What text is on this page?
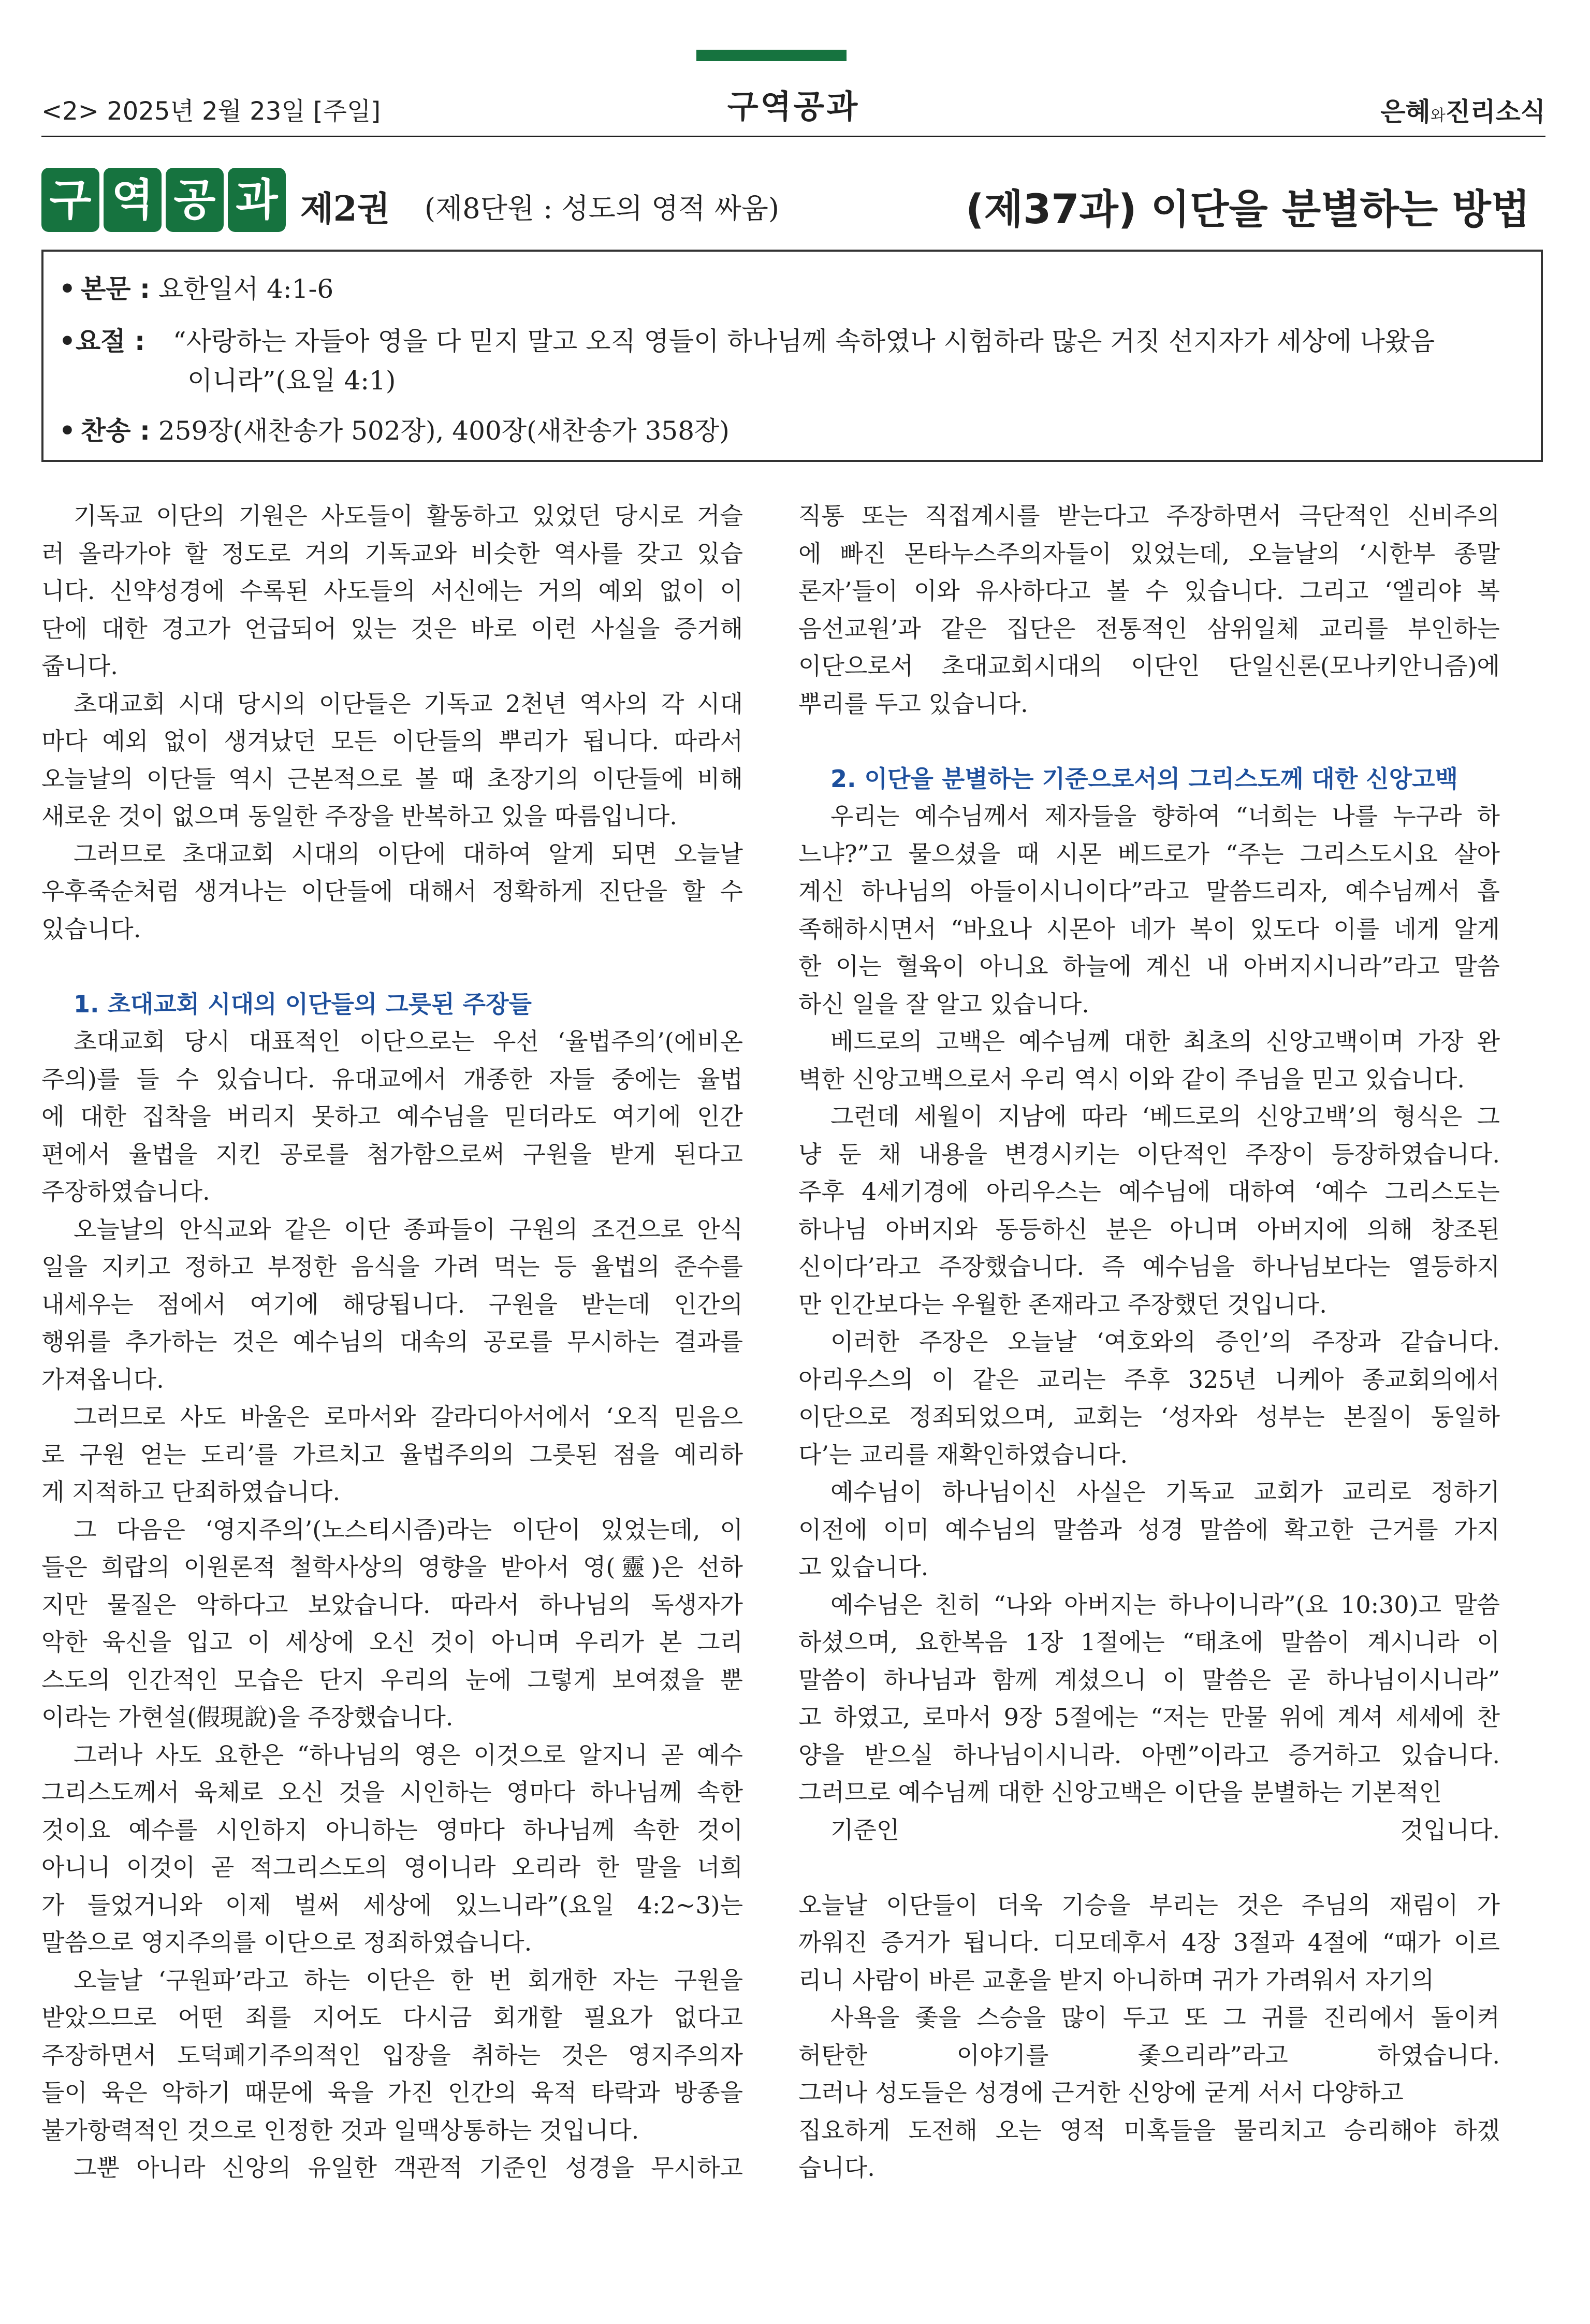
<2> 2025년 2월 23일 [주일]	구역공과	은혜와진리소식
구 역 공 과 제2권 (제8단원 : 성도의 영적 싸움)	(제37과) 이단을 분별하는 방법
• 본문 : 요한일서 4:1-6
•요절 :	“사랑하는 자들아 영을 다 믿지 말고 오직 영들이 하나님께 속하였나 시험하라 많은 거짓 선지자가 세상에 나왔음
이니라”(요일 4:1)
• 찬송 : 259장(새찬송가 502장), 400장(새찬송가 358장)
기독교 이단의 기원은 사도들이 활동하고 있었던 당시로 거슬
러 올라가야 할 정도로 거의 기독교와 비슷한 역사를 갖고 있습
니다. 신약성경에 수록된 사도들의 서신에는 거의 예외 없이 이
단에 대한 경고가 언급되어 있는 것은 바로 이런 사실을 증거해
줍니다.
초대교회 시대 당시의 이단들은 기독교 2천년 역사의 각 시대
마다 예외 없이 생겨났던 모든 이단들의 뿌리가 됩니다. 따라서
오늘날의 이단들 역시 근본적으로 볼 때 초장기의 이단들에 비해
새로운 것이 없으며 동일한 주장을 반복하고 있을 따름입니다.
그러므로 초대교회 시대의 이단에 대하여 알게 되면 오늘날
우후죽순처럼 생겨나는 이단들에 대해서 정확하게 진단을 할 수
있습니다.
1. 초대교회 시대의 이단들의 그릇된 주장들
초대교회 당시 대표적인 이단으로는 우선 ‘율법주의’(에비온
주의)를 들 수 있습니다. 유대교에서 개종한 자들 중에는 율법
에 대한 집착을 버리지 못하고 예수님을 믿더라도 여기에 인간
편에서 율법을 지킨 공로를 첨가함으로써 구원을 받게 된다고
주장하였습니다.
오늘날의 안식교와 같은 이단 종파들이 구원의 조건으로 안식
일을 지키고 정하고 부정한 음식을 가려 먹는 등 율법의 준수를
내세우는 점에서 여기에 해당됩니다. 구원을 받는데 인간의
행위를 추가하는 것은 예수님의 대속의 공로를 무시하는 결과를
가져옵니다.
그러므로 사도 바울은 로마서와 갈라디아서에서 ‘오직 믿음으
로 구원 얻는 도리’를 가르치고 율법주의의 그릇된 점을 예리하
게 지적하고 단죄하였습니다.
그 다음은 ‘영지주의’(노스티시즘)라는 이단이 있었는데, 이
들은 희랍의 이원론적 철학사상의 영향을 받아서 영(靈)은 선하
지만 물질은 악하다고 보았습니다. 따라서 하나님의 독생자가
악한 육신을 입고 이 세상에 오신 것이 아니며 우리가 본 그리
스도의 인간적인 모습은 단지 우리의 눈에 그렇게 보여졌을 뿐
이라는 가현설(假現說)을 주장했습니다.
그러나 사도 요한은 “하나님의 영은 이것으로 알지니 곧 예수
그리스도께서 육체로 오신 것을 시인하는 영마다 하나님께 속한
것이요 예수를 시인하지 아니하는 영마다 하나님께 속한 것이
아니니 이것이 곧 적그리스도의 영이니라 오리라 한 말을 너희
가 들었거니와 이제 벌써 세상에 있느니라”(요일 4:2~3)는
말씀으로 영지주의를 이단으로 정죄하였습니다.
오늘날 ‘구원파’라고 하는 이단은 한 번 회개한 자는 구원을
받았으므로 어떤 죄를 지어도 다시금 회개할 필요가 없다고
주장하면서 도덕폐기주의적인 입장을 취하는 것은 영지주의자
들이 육은 악하기 때문에 육을 가진 인간의 육적 타락과 방종을
불가항력적인 것으로 인정한 것과 일맥상통하는 것입니다.
그뿐 아니라 신앙의 유일한 객관적 기준인 성경을 무시하고
직통 또는 직접계시를 받는다고 주장하면서 극단적인 신비주의
에 빠진 몬타누스주의자들이 있었는데, 오늘날의 ‘시한부 종말
론자’들이 이와 유사하다고 볼 수 있습니다. 그리고 ‘엘리야 복
음선교원’과 같은 집단은 전통적인 삼위일체 교리를 부인하는
이단으로서 초대교회시대의 이단인 단일신론(모나키안니즘)에
뿌리를 두고 있습니다.
2. 이단을 분별하는 기준으로서의 그리스도께 대한 신앙고백
우리는 예수님께서 제자들을 향하여 “너희는 나를 누구라 하
느냐?”고 물으셨을 때 시몬 베드로가 “주는 그리스도시요 살아
계신 하나님의 아들이시니이다”라고 말씀드리자, 예수님께서 흡
족해하시면서 “바요나 시몬아 네가 복이 있도다 이를 네게 알게
한 이는 혈육이 아니요 하늘에 계신 내 아버지시니라”라고 말씀
하신 일을 잘 알고 있습니다.
베드로의 고백은 예수님께 대한 최초의 신앙고백이며 가장 완
벽한 신앙고백으로서 우리 역시 이와 같이 주님을 믿고 있습니다.
그런데 세월이 지남에 따라 ‘베드로의 신앙고백’의 형식은 그
냥 둔 채 내용을 변경시키는 이단적인 주장이 등장하였습니다.
주후 4세기경에 아리우스는 예수님에 대하여 ‘예수 그리스도는
하나님 아버지와 동등하신 분은 아니며 아버지에 의해 창조된
신이다’라고 주장했습니다. 즉 예수님을 하나님보다는 열등하지
만 인간보다는 우월한 존재라고 주장했던 것입니다.
이러한 주장은 오늘날 ‘여호와의 증인’의 주장과 같습니다.
아리우스의 이 같은 교리는 주후 325년 니케아 종교회의에서
이단으로 정죄되었으며, 교회는 ‘성자와 성부는 본질이 동일하
다’는 교리를 재확인하였습니다.
예수님이 하나님이신 사실은 기독교 교회가 교리로 정하기
이전에 이미 예수님의 말씀과 성경 말씀에 확고한 근거를 가지
고 있습니다.
예수님은 친히 “나와 아버지는 하나이니라”(요 10:30)고 말씀
하셨으며, 요한복음 1장 1절에는 “태초에 말씀이 계시니라 이
말씀이 하나님과 함께 계셨으니 이 말씀은 곧 하나님이시니라”
고 하였고, 로마서 9장 5절에는 “저는 만물 위에 계셔 세세에 찬
양을 받으실 하나님이시니라. 아멘”이라고 증거하고 있습니다.
그러므로 예수님께 대한 신앙고백은 이단을 분별하는 기본적인
기준인 것입니다.
오늘날 이단들이 더욱 기승을 부리는 것은 주님의 재림이 가
까워진 증거가 됩니다. 디모데후서 4장 3절과 4절에 “때가 이르
리니 사람이 바른 교훈을 받지 아니하며 귀가 가려워서 자기의
사욕을 좇을 스승을 많이 두고 또 그 귀를 진리에서 돌이켜
허탄한 이야기를 좇으리라”라고 하였습니다.
그러나 성도들은 성경에 근거한 신앙에 굳게 서서 다양하고
집요하게 도전해 오는 영적 미혹들을 물리치고 승리해야 하겠
습니다.
